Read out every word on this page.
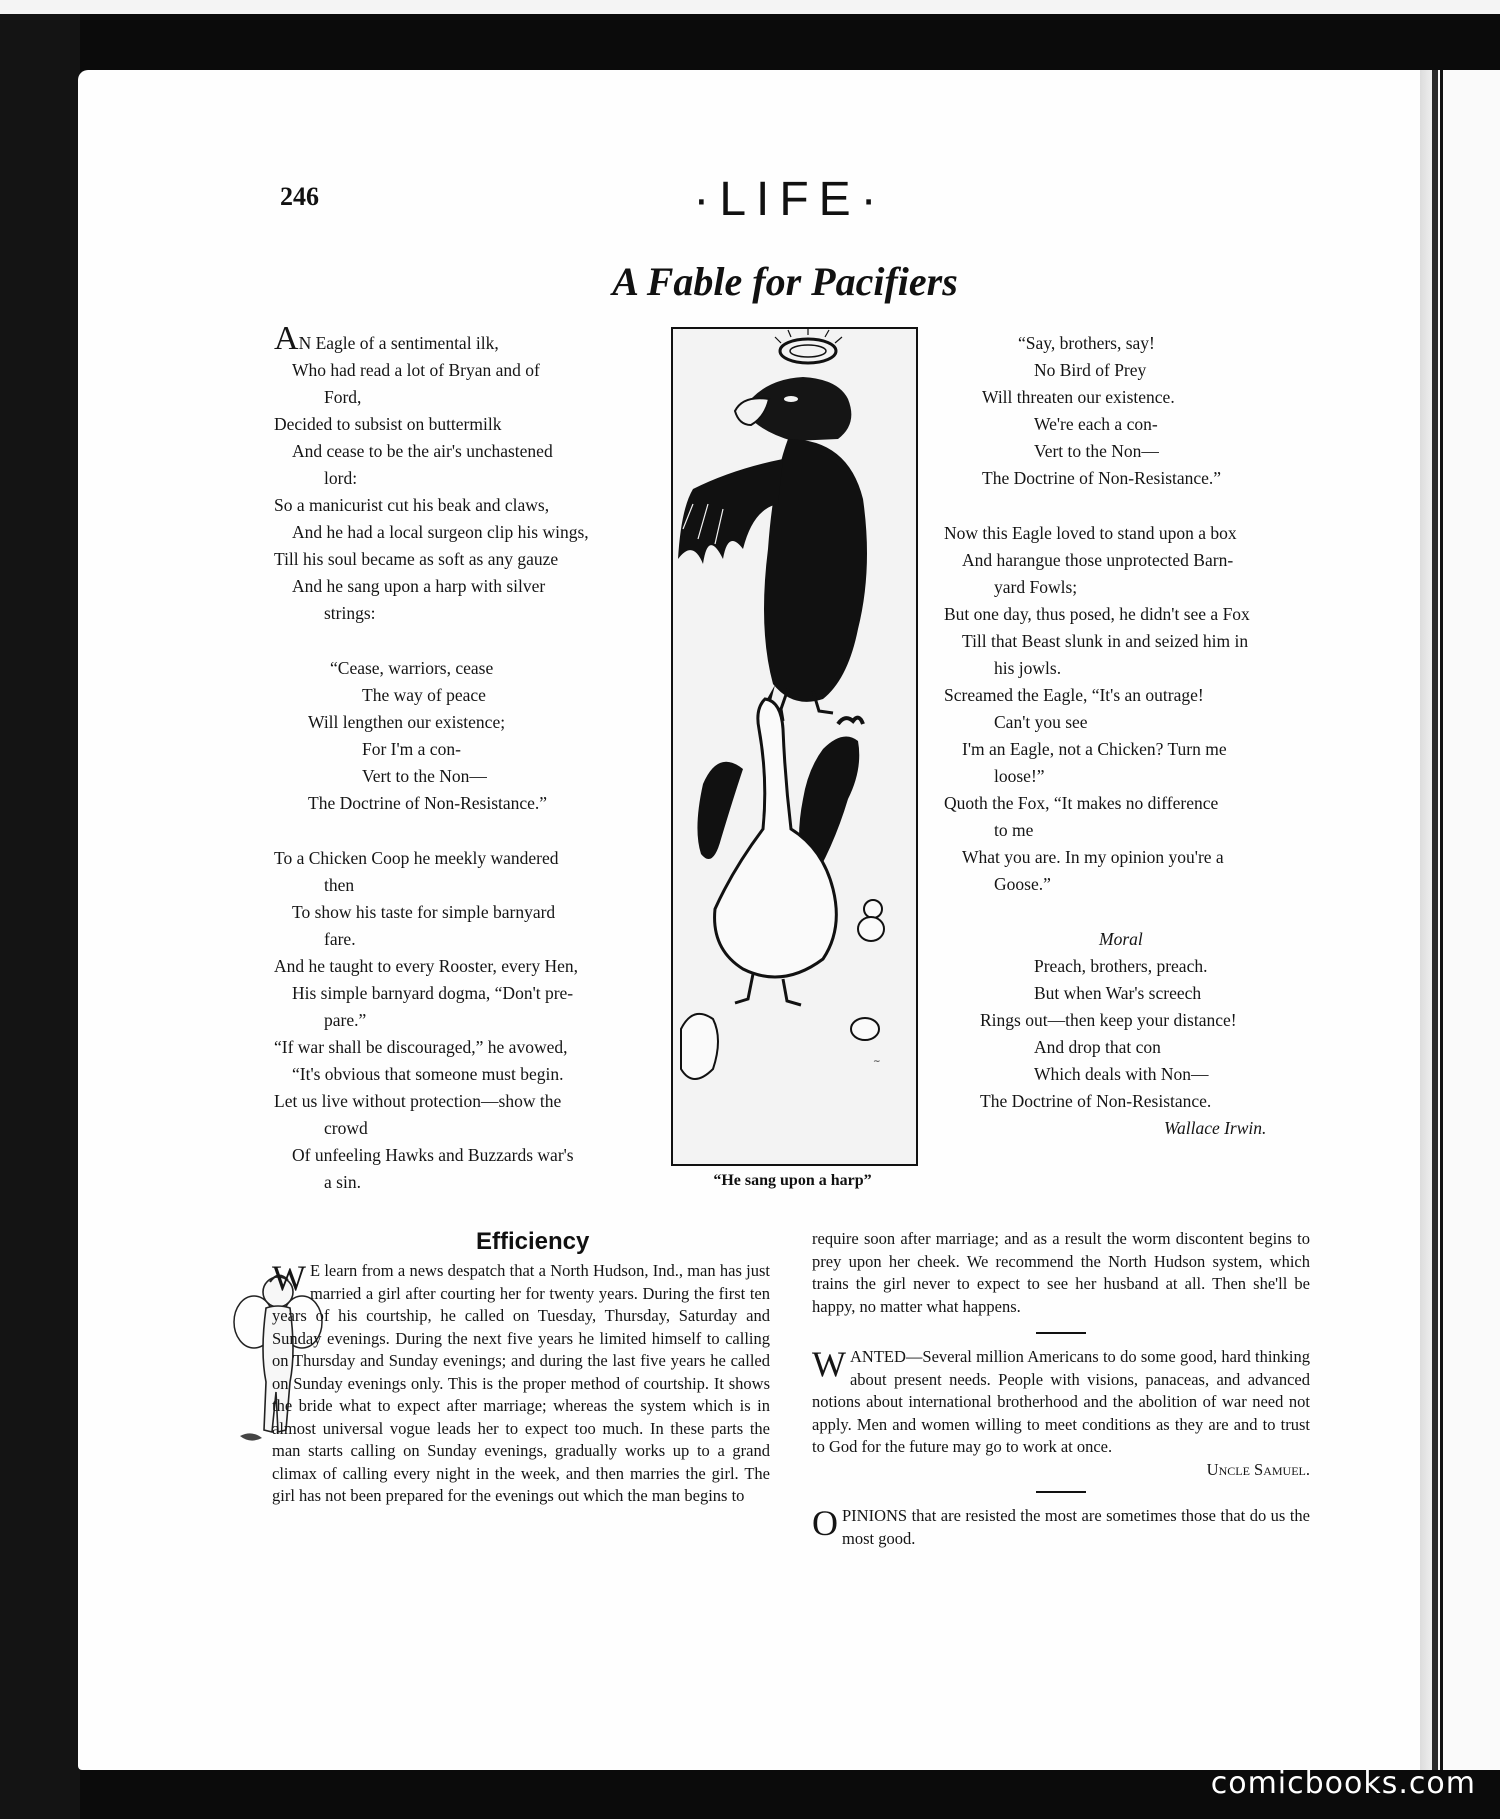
246	·LIFE·
A Fable for Pacifiers
AN Eagle of a sentimental ilk,
Who had read a lot of Bryan and of
Ford,
Decided to subsist on buttermilk
And cease to be the air's unchastened
lord:
So a manicurist cut his beak and claws,
And he had a local surgeon clip his wings,
Till his soul became as soft as any gauze
And he sang upon a harp with silver
strings:
“Cease, warriors, cease
The way of peace
Will lengthen our existence;
For I'm a con-
Vert to the Non—
The Doctrine of Non-Resistance.”
To a Chicken Coop he meekly wandered
then
To show his taste for simple barnyard
fare.
And he taught to every Rooster, every Hen,
His simple barnyard dogma, “Don't pre-
pare.”
“If war shall be discouraged,” he avowed,
“It's obvious that someone must begin.
Let us live without protection—show the
crowd
Of unfeeling Hawks and Buzzards war's
a sin.
~
“He sang upon a harp”
“Say, brothers, say!
No Bird of Prey
Will threaten our existence.
We're each a con-
Vert to the Non—
The Doctrine of Non-Resistance.”
Now this Eagle loved to stand upon a box
And harangue those unprotected Barn-
yard Fowls;
But one day, thus posed, he didn't see a Fox
Till that Beast slunk in and seized him in
his jowls.
Screamed the Eagle, “It's an outrage!
Can't you see
I'm an Eagle, not a Chicken? Turn me
loose!”
Quoth the Fox, “It makes no difference
to me
What you are. In my opinion you're a
Goose.”
Moral
Preach, brothers, preach.
But when War's screech
Rings out—then keep your distance!
And drop that con
Which deals with Non—
The Doctrine of Non-Resistance.
Wallace Irwin.
Efficiency
W E learn from a news despatch that a North Hudson, Ind., man has just married a girl after courting her for twenty years. During the first ten years of his courtship, he called on Tuesday, Thursday, Saturday and Sunday evenings. During the next five years he limited himself to calling on Thursday and Sunday evenings; and during the last five years he called on Sunday evenings only. This is the proper method of courtship. It shows the bride what to expect after marriage; whereas the system which is in almost universal vogue leads her to expect too much. In these parts the man starts calling on Sunday evenings, gradually works up to a grand climax of calling every night in the week, and then marries the girl. The girl has not been prepared for the evenings out which the man begins to
require soon after marriage; and as a result the worm discontent begins to prey upon her cheek. We recommend the North Hudson system, which trains the girl never to expect to see her husband at all. Then she'll be happy, no matter what happens.
WANTED—Several million Americans to do some good, hard thinking about present needs. People with visions, panaceas, and advanced notions about international brotherhood and the abolition of war need not apply. Men and women willing to meet conditions as they are and to trust to God for the future may go to work at once.
Uncle Samuel.
OPINIONS that are resisted the most are sometimes those that do us the most good.
comicbooks.com
